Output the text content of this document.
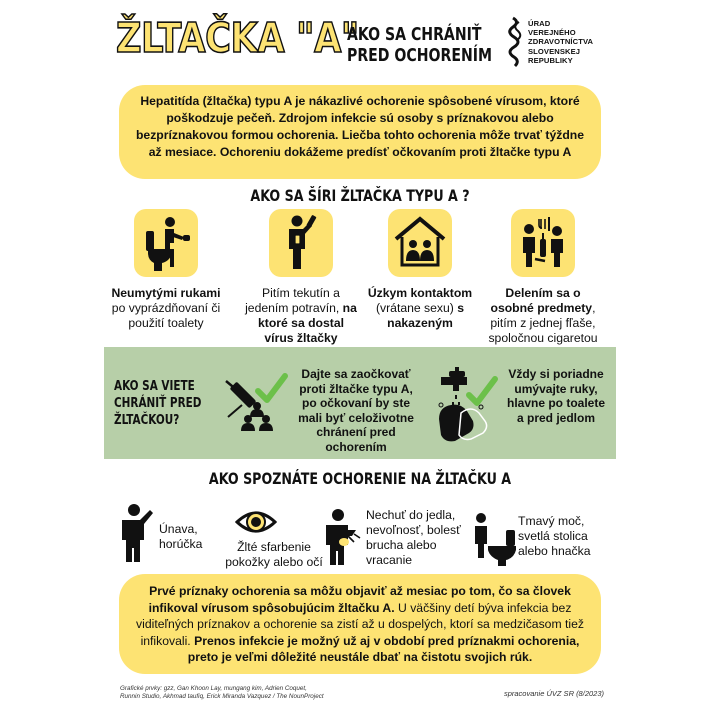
ŽLTAČKA "A"
AKO SA CHRÁNIŤ
PRED OCHORENÍM
ÚRAD
VEREJNÉHO
ZDRAVOTNÍCTVA
SLOVENSKEJ
REPUBLIKY
Hepatitída (žltačka) typu A je nákazlivé ochorenie spôsobené vírusom, ktoré poškodzuje pečeň. Zdrojom infekcie sú osoby s príznakovou alebo bezpríznakovou formou ochorenia. Liečba tohto ochorenia môže trvať týždne až mesiace. Ochoreniu dokážeme predísť očkovaním proti žltačke typu A
AKO SA ŠÍRI ŽLTAČKA TYPU A ?
Neumytými rukami po vyprázdňovaní či použití toalety
Pitím tekutín a jedením potravín, na ktoré sa dostal vírus žltačky
Úzkym kontaktom (vrátane sexu) s nakazeným
Delením sa o osobné predmety, pitím z jednej fľaše, spoločnou cigaretou
AKO SA VIETE
CHRÁNIŤ PRED
ŽLTAČKOU?
Dajte sa zaočkovať proti žltačke typu A, po očkovaní by ste mali byť celoživotne chránení pred ochorením
Vždy si poriadne umývajte ruky, hlavne po toalete a pred jedlom
AKO SPOZNÁTE OCHORENIE NA ŽLTAČKU A
Únava, horúčka	Žlté sfarbenie pokožky alebo očí
Nechuť do jedla, nevoľnosť, bolesť brucha alebo vracanie
Tmavý moč, svetlá stolica alebo hnačka
Prvé príznaky ochorenia sa môžu objaviť až mesiac po tom, čo sa človek infikoval vírusom spôsobujúcim žltačku A. U väčšiny detí býva infekcia bez viditeľných príznakov a ochorenie sa zistí až u dospelých, ktorí sa medzičasom tiež infikovali. Prenos infekcie je možný už aj v období pred príznakmi ochorenia, preto je veľmi dôležité neustále dbať na čistotu svojich rúk.
Grafické prvky: gzz, Gan Khoon Lay, mungang kim, Adrien Coquet,
Runnin Studio, Akhmad taufiq, Erick Miranda Vazquez / The NounProject	spracovanie ÚVZ SR (8/2023)
